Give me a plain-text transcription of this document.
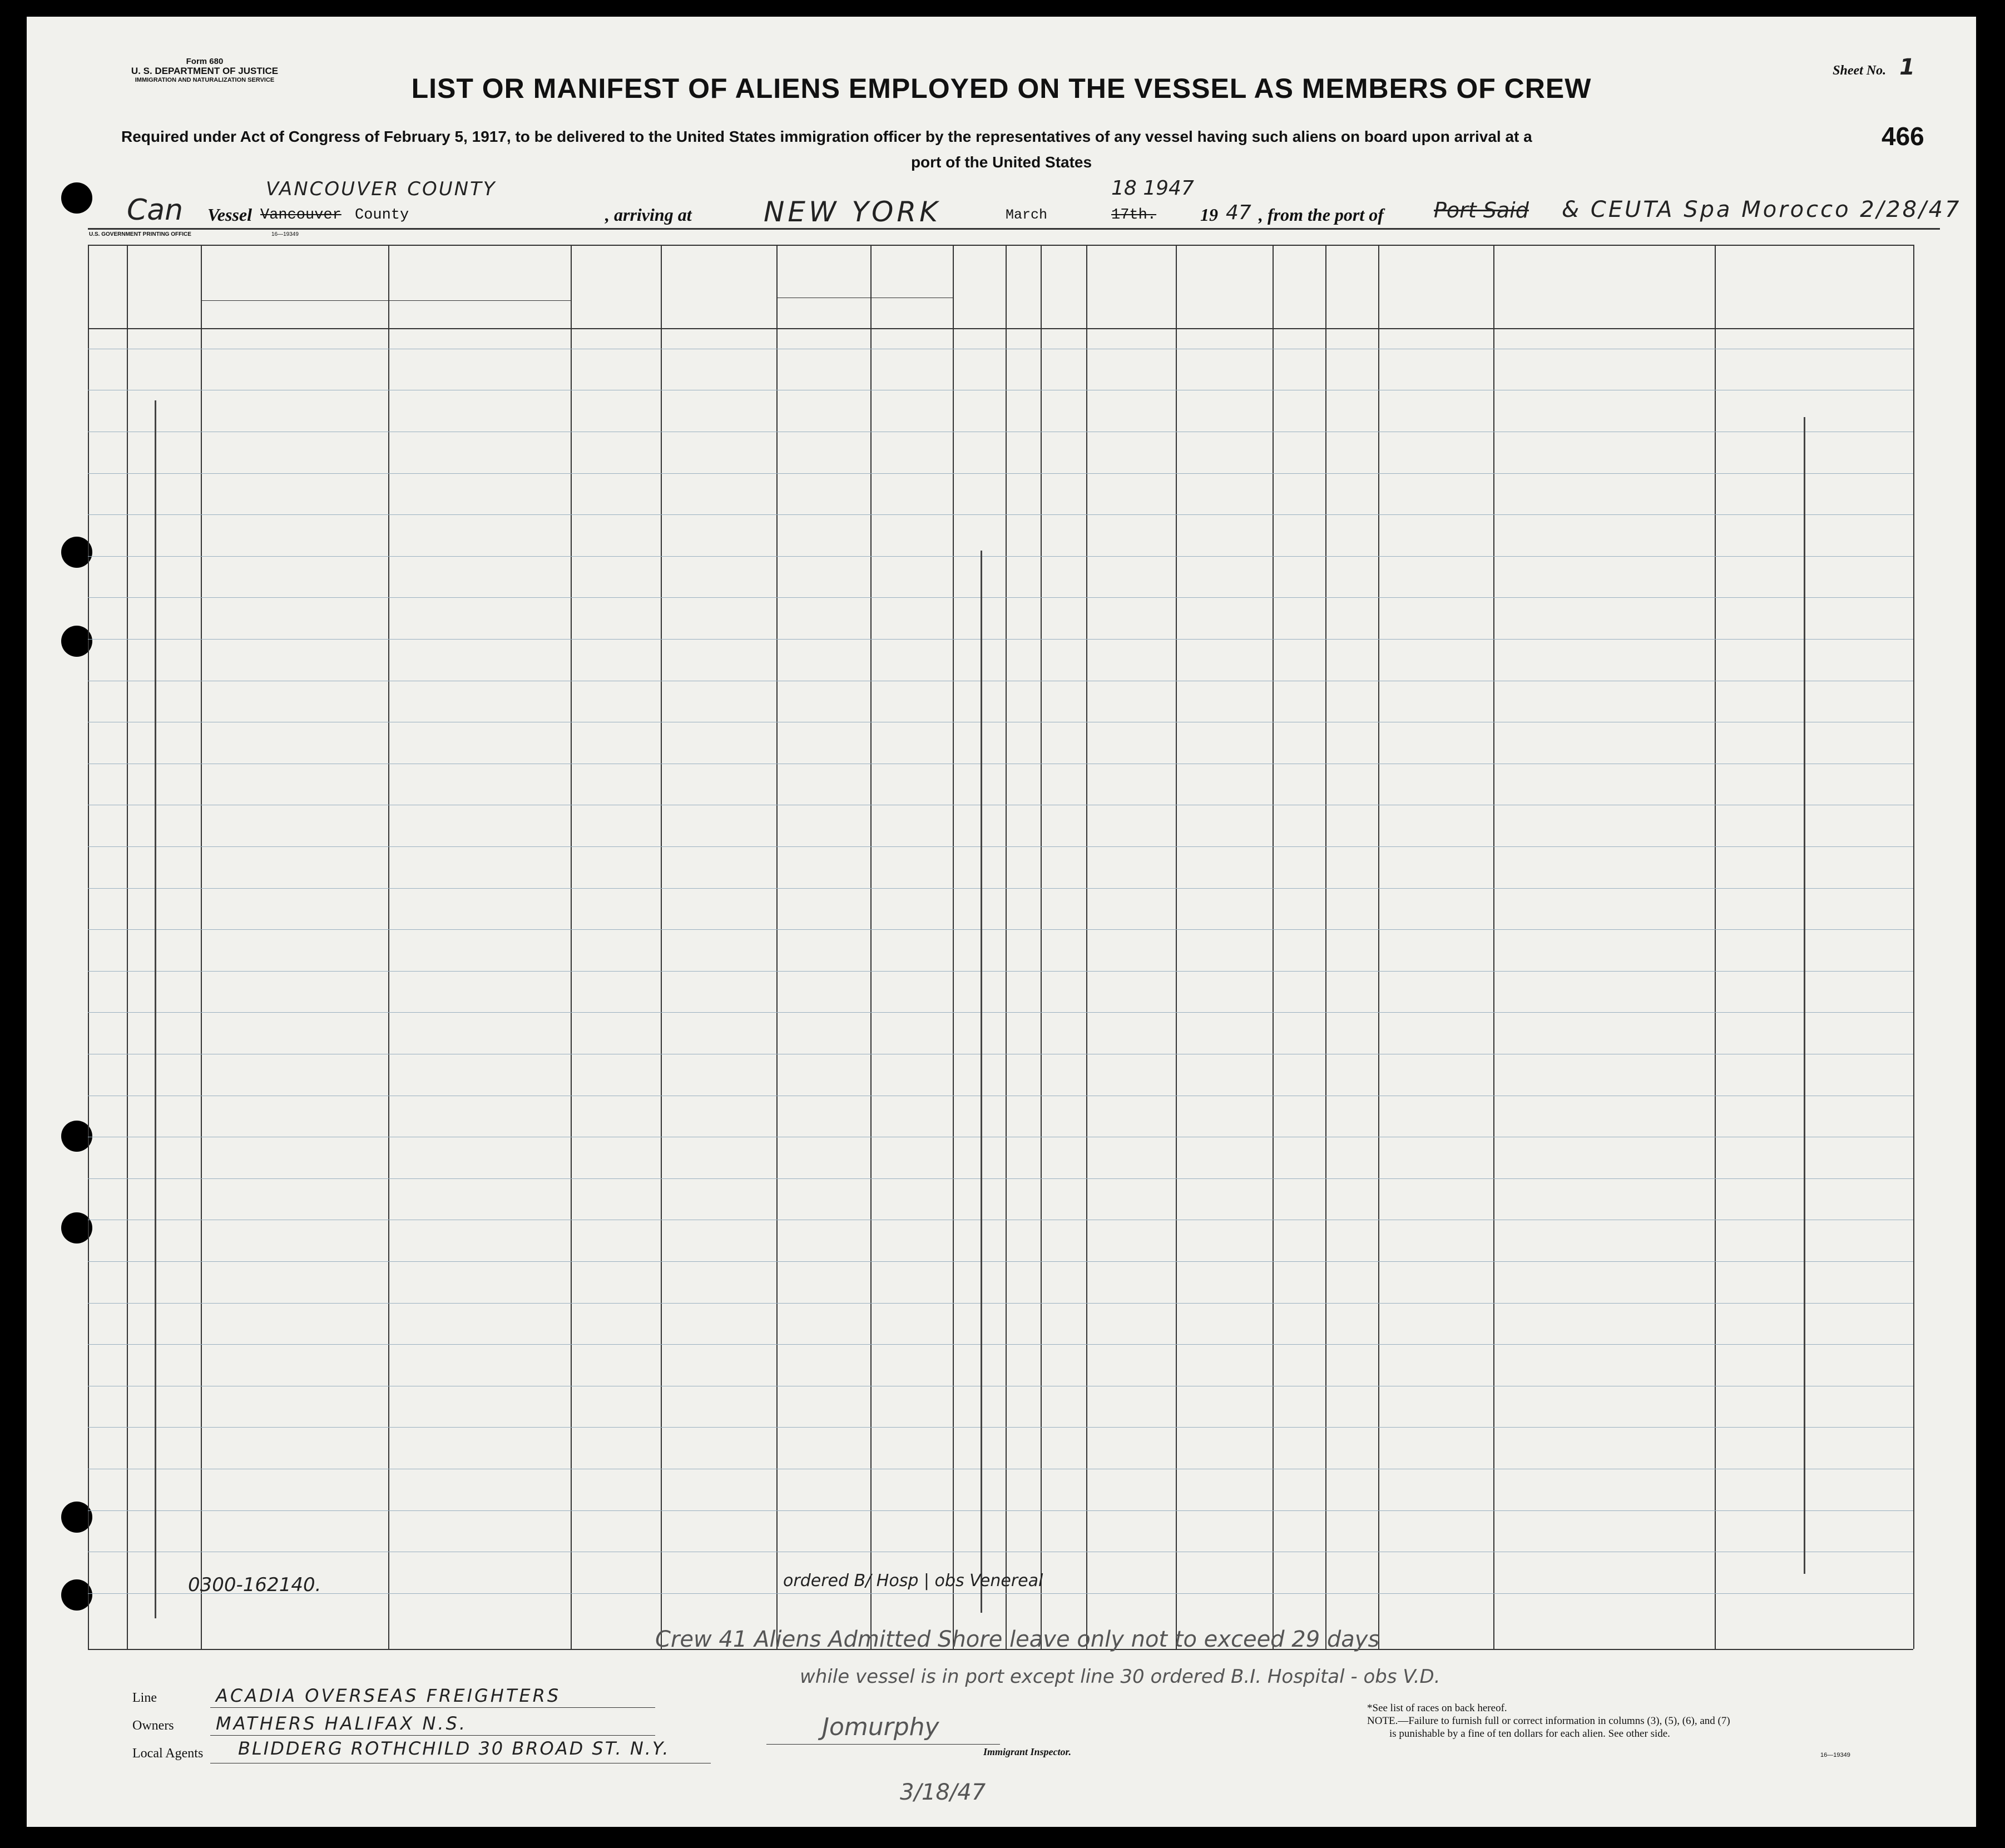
Form 680
U. S. DEPARTMENT OF JUSTICE
IMMIGRATION AND NATURALIZATION SERVICE
Sheet No. 1
LIST OR MANIFEST OF ALIENS EMPLOYED ON THE VESSEL AS MEMBERS OF CREW
Required under Act of Congress of February 5, 1917, to be delivered to the United States immigration officer by the representatives of any vessel having such aliens on board upon arrival at a	466
port of the United States
Can Vessel Vancouver County
VANCOUVER COUNTY
, arriving at	NEW YORK	March	17th.
18 1947
19 47 , from the port of Port Said & CEUTA Spa Morocco 2/28/47
U.S. GOVERNMENT PRINTING OFFICE	16—19349
0300-162140.	ordered B/ Hosp | obs Venereal
Crew 41 Aliens Admitted Shore leave only not to exceed 29 days
while vessel is in port except line 30 ordered B.I. Hospital - obs V.D.
Jomurphy
Immigrant Inspector.
3/18/47
Line	ACADIA OVERSEAS FREIGHTERS
Owners MATHERS HALIFAX N.S.
Local Agents BLIDDERG ROTHCHILD 30 BROAD ST. N.Y.
*See list of races on back hereof.
NOTE.—Failure to furnish full or correct information in columns (3), (5), (6), and (7)
is punishable by a fine of ten dollars for each alien. See other side.
16—19349
